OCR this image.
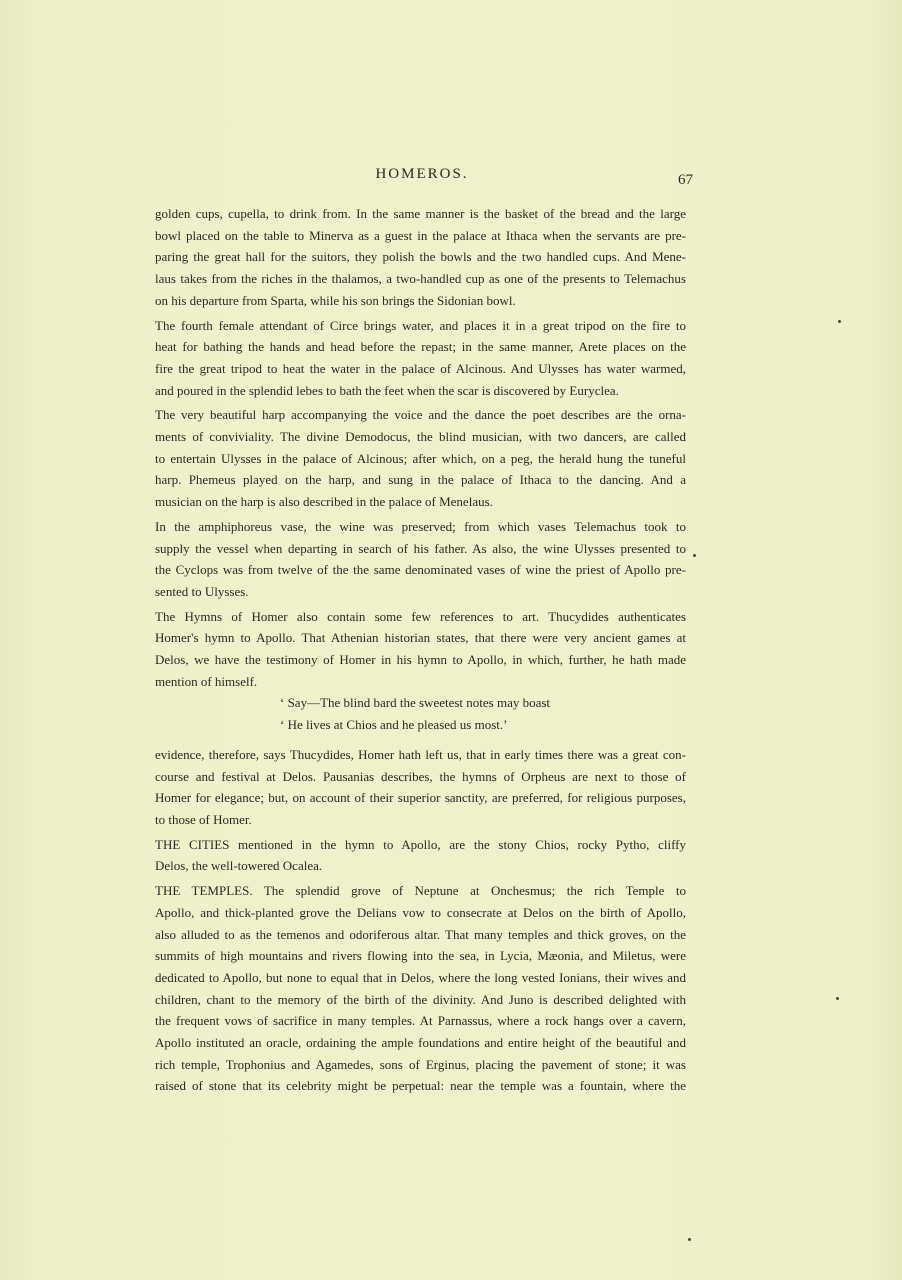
HOMEROS.	67

golden cups, cupella, to drink from. In the same manner is the basket of the bread and the large
bowl placed on the table to Minerva as a guest in the palace at Ithaca when the servants are pre-
paring the great hall for the suitors, they polish the bowls and the two handled cups. And Mene-
laus takes from the riches in the thalamos, a two-handled cup as one of the presents to Telemachus
on his departure from Sparta, while his son brings the Sidonian bowl.

The fourth female attendant of Circe brings water, and places it in a great tripod on the fire to
heat for bathing the hands and head before the repast; in the same manner, Arete places on the
fire the great tripod to heat the water in the palace of Alcinous. And Ulysses has water warmed,
and poured in the splendid lebes to bath the feet when the scar is discovered by Euryclea.

The very beautiful harp accompanying the voice and the dance the poet describes are the orna-
ments of conviviality. The divine Demodocus, the blind musician, with two dancers, are called
to entertain Ulysses in the palace of Alcinous; after which, on a peg, the herald hung the tuneful
harp. Phemeus played on the harp, and sung in the palace of Ithaca to the dancing. And a
musician on the harp is also described in the palace of Menelaus.

In the amphiphoreus vase, the wine was preserved; from which vases Telemachus took to
supply the vessel when departing in search of his father. As also, the wine Ulysses presented to
the Cyclops was from twelve of the the same denominated vases of wine the priest of Apollo pre-
sented to Ulysses.

The Hymns of Homer also contain some few references to art. Thucydides authenticates
Homer's hymn to Apollo. That Athenian historian states, that there were very ancient games at
Delos, we have the testimony of Homer in his hymn to Apollo, in which, further, he hath made
mention of himself.

‘ Say—The blind bard the sweetest notes may boast
‘ He lives at Chios and he pleased us most.’

evidence, therefore, says Thucydides, Homer hath left us, that in early times there was a great con-
course and festival at Delos. Pausanias describes, the hymns of Orpheus are next to those of
Homer for elegance; but, on account of their superior sanctity, are preferred, for religious purposes,
to those of Homer.

THE CITIES mentioned in the hymn to Apollo, are the stony Chios, rocky Pytho, cliffy
Delos, the well-towered Ocalea.

THE TEMPLES. The splendid grove of Neptune at Onchesmus; the rich Temple to
Apollo, and thick-planted grove the Delians vow to consecrate at Delos on the birth of Apollo,
also alluded to as the temenos and odoriferous altar. That many temples and thick groves, on the
summits of high mountains and rivers flowing into the sea, in Lycia, Mæonia, and Miletus, were
dedicated to Apollo, but none to equal that in Delos, where the long vested Ionians, their wives and
children, chant to the memory of the birth of the divinity. And Juno is described delighted with
the frequent vows of sacrifice in many temples. At Parnassus, where a rock hangs over a cavern,
Apollo instituted an oracle, ordaining the ample foundations and entire height of the beautiful and
rich temple, Trophonius and Agamedes, sons of Erginus, placing the pavement of stone; it was
raised of stone that its celebrity might be perpetual: near the temple was a fountain, where the
